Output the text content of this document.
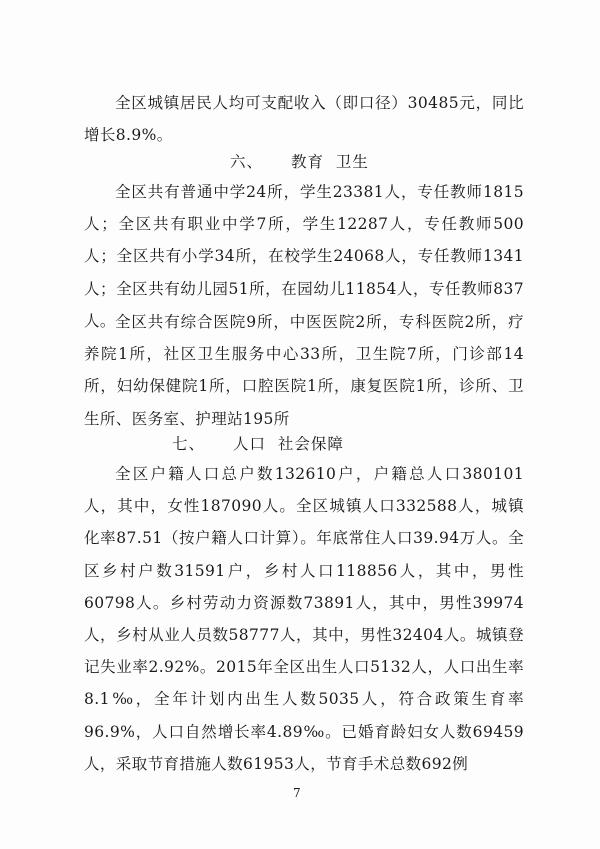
全区城镇居民人均可支配收入（即口径）30485元，同比增长8.9%。

六、 教育  卫生

全区共有普通中学24所，学生23381人，专任教师1815人；全区共有职业中学7所，学生12287人，专任教师500人；全区共有小学34所，在校学生24068人，专任教师1341人；全区共有幼儿园51所，在园幼儿11854人，专任教师837人。 全区共有综合医院9所，中医医院2所，专科医院2所，疗养院1所，社区卫生服务中心33所，卫生院7所，门诊部14所，妇幼保健院1所，口腔医院1所，康复医院1所，诊所、卫生所、医务室、护理站195所

七、 人口  社会保障

全区户籍人口总户数132610户，户籍总人口380101人，其中，女性187090人。全区城镇人口332588人，城镇化率87.51（按户籍人口计算）。年底常住人口39.94万人。全区乡村户数31591户，乡村人口118856人，其中，男性60798人。乡村劳动力资源数73891人，其中，男性39974人，乡村从业人员数58777人，其中，男性32404人。城镇登记失业率2.92%。2015年全区出生人口5132人，人口出生率8.1‰，全年计划内出生人数5035人，符合政策生育率96.9%，人口自然增长率4.89‰。已婚育龄妇女人数69459人，采取节育措施人数61953人，节育手术总数692例

7
